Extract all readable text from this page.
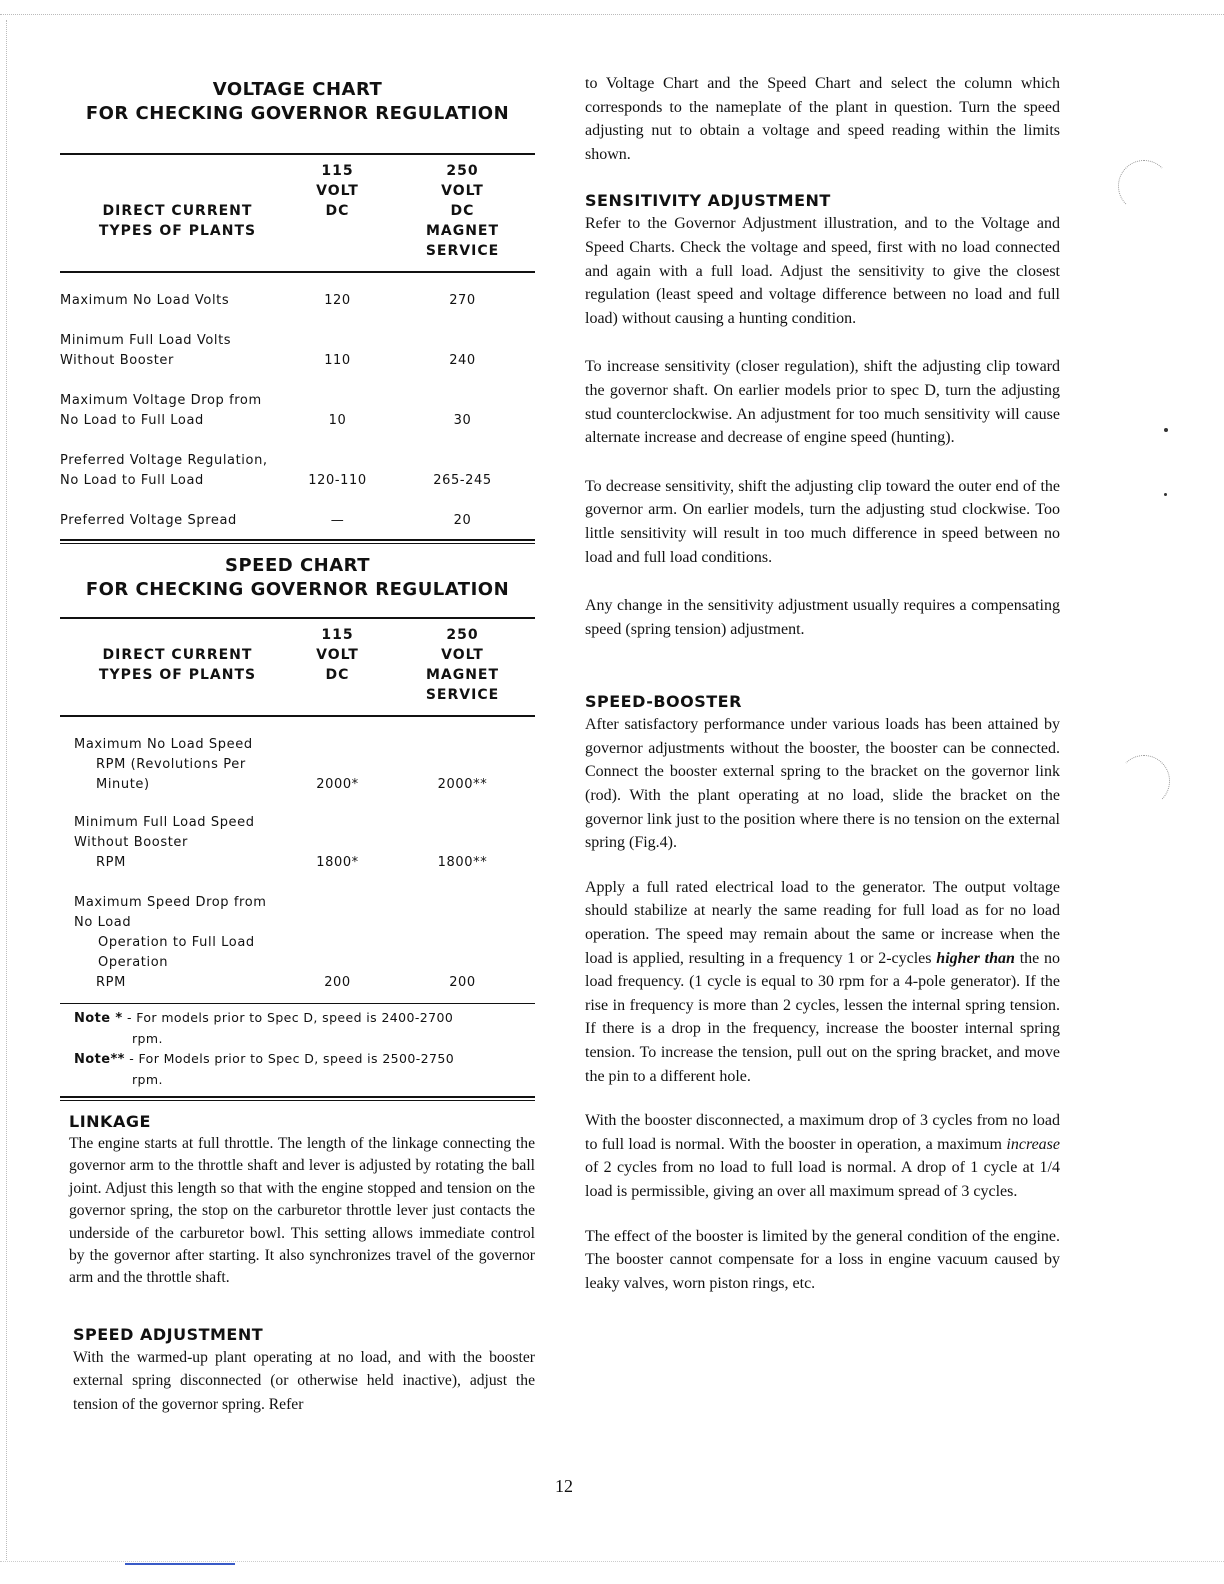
VOLTAGE CHART
FOR CHECKING GOVERNOR REGULATION
DIRECT CURRENT
TYPES OF PLANTS
115
VOLT
DC
250
VOLT
DC
MAGNET
SERVICE
Maximum No Load Volts	120	270
Minimum Full Load Volts
Without Booster	110	240
Maximum Voltage Drop from
No Load to Full Load	10	30
Preferred Voltage Regulation,
No Load to Full Load	120-110	265-245
Preferred Voltage Spread	—	20
SPEED CHART
FOR CHECKING GOVERNOR REGULATION
DIRECT CURRENT
TYPES OF PLANTS
115
VOLT
DC
250
VOLT
MAGNET
SERVICE
Maximum No Load Speed
RPM (Revolutions Per
Minute)	2000*	2000**
Minimum Full Load Speed
Without Booster
RPM	1800*	1800**
Maximum Speed Drop from
No Load
Operation to Full Load
Operation
RPM	200	200
Note * - For models prior to Spec D, speed is 2400-2700
rpm.
Note** - For Models prior to Spec D, speed is 2500-2750
rpm.
LINKAGE
The engine starts at full throttle. The length of the linkage connecting the governor arm to the throttle shaft and lever is adjusted by rotating the ball joint. Adjust this length so that with the engine stopped and tension on the governor spring, the stop on the carburetor throttle lever just contacts the underside of the carburetor bowl. This setting allows immediate control by the governor after starting. It also synchronizes travel of the governor arm and the throttle shaft.
SPEED ADJUSTMENT
With the warmed-up plant operating at no load, and with the booster external spring disconnected (or otherwise held inactive), adjust the tension of the governor spring. Refer
to Voltage Chart and the Speed Chart and select the column which corresponds to the nameplate of the plant in question. Turn the speed adjusting nut to obtain a voltage and speed reading within the limits shown.
SENSITIVITY ADJUSTMENT
Refer to the Governor Adjustment illustration, and to the Voltage and Speed Charts. Check the voltage and speed, first with no load connected and again with a full load. Adjust the sensitivity to give the closest regulation (least speed and voltage difference between no load and full load) without causing a hunting condition.
To increase sensitivity (closer regulation), shift the adjusting clip toward the governor shaft. On earlier models prior to spec D, turn the adjusting stud counterclockwise. An adjustment for too much sensitivity will cause alternate increase and decrease of engine speed (hunting).
To decrease sensitivity, shift the adjusting clip toward the outer end of the governor arm. On earlier models, turn the adjusting stud clockwise. Too little sensitivity will result in too much difference in speed between no load and full load conditions.
Any change in the sensitivity adjustment usually requires a compensating speed (spring tension) adjustment.
SPEED-BOOSTER
After satisfactory performance under various loads has been attained by governor adjustments without the booster, the booster can be connected. Connect the booster external spring to the bracket on the governor link (rod). With the plant operating at no load, slide the bracket on the governor link just to the position where there is no tension on the external spring (Fig.4).
Apply a full rated electrical load to the generator. The output voltage should stabilize at nearly the same reading for full load as for no load operation. The speed may remain about the same or increase when the load is applied, resulting in a frequency 1 or 2-cycles higher than the no load frequency. (1 cycle is equal to 30 rpm for a 4-pole generator). If the rise in frequency is more than 2 cycles, lessen the internal spring tension. If there is a drop in the frequency, increase the booster internal spring tension. To increase the tension, pull out on the spring bracket, and move the pin to a different hole.
With the booster disconnected, a maximum drop of 3 cycles from no load to full load is normal. With the booster in operation, a maximum increase of 2 cycles from no load to full load is normal. A drop of 1 cycle at 1/4 load is permissible, giving an over all maximum spread of 3 cycles.
The effect of the booster is limited by the general condition of the engine. The booster cannot compensate for a loss in engine vacuum caused by leaky valves, worn piston rings, etc.
12
